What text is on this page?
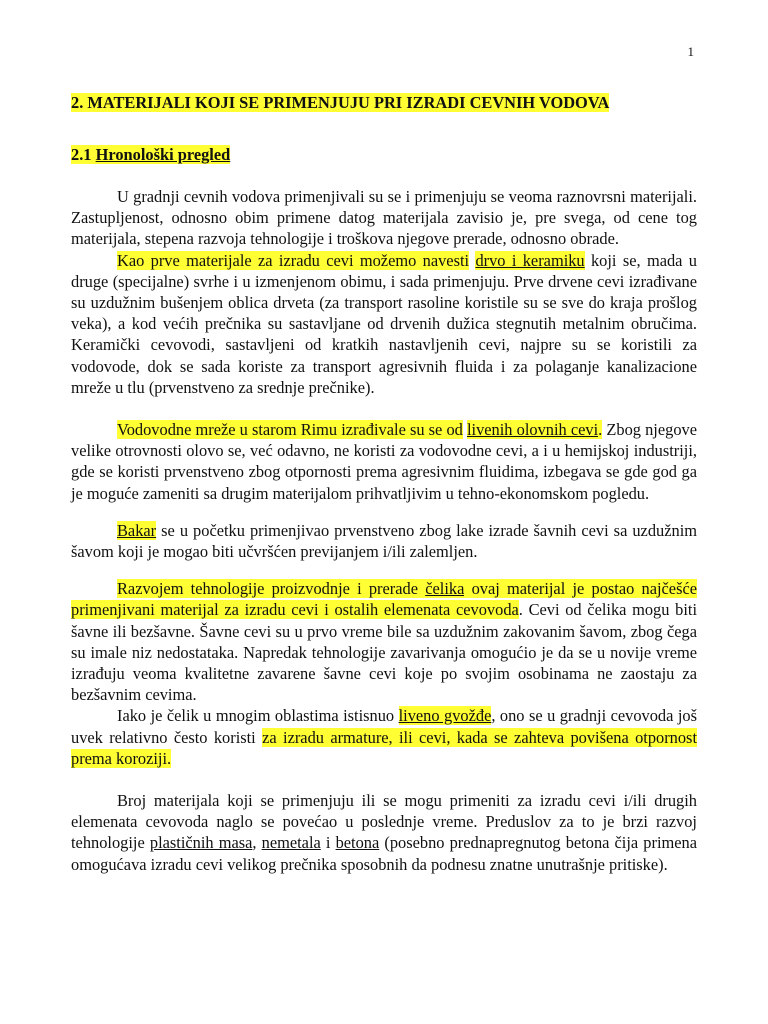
1
2. MATERIJALI KOJI SE PRIMENJUJU PRI IZRADI CEVNIH VODOVA
2.1 Hronološki pregled

U gradnji cevnih vodova primenjivali su se i primenjuju se veoma raznovrsni materijali. Zastupljenost, odnosno obim primene datog materijala zavisio je, pre svega, od cene tog materijala, stepena razvoja tehnologije i troškova njegove prerade, odnosno obrade.

Kao prve materijale za izradu cevi možemo navesti drvo i keramiku koji se, mada u druge (specijalne) svrhe i u izmenjenom obimu, i sada primenjuju. Prve drvene cevi izrađivane su uzdužnim bušenjem oblica drveta (za transport rasoline koristile su se sve do kraja prošlog veka), a kod većih prečnika su sastavljane od drvenih dužica stegnutih metalnim obručima. Keramički cevovodi, sastavljeni od kratkih nastavljenih cevi, najpre su se koristili za vodovode, dok se sada koriste za transport agresivnih fluida i za polaganje kanalizacione mreže u tlu (prvenstveno za srednje prečnike).

Vodovodne mreže u starom Rimu izrađivale su se od livenih olovnih cevi. Zbog njegove velike otrovnosti olovo se, već odavno, ne koristi za vodovodne cevi, a i u hemijskoj industriji, gde se koristi prvenstveno zbog otpornosti prema agresivnim fluidima, izbegava se gde god ga je moguće zameniti sa drugim materijalom prihvatljivim u tehno-ekonomskom pogledu.

Bakar se u početku primenjivao prvenstveno zbog lake izrade šavnih cevi sa uzdužnim šavom koji je mogao biti učvršćen previjanjem i/ili zalemljen.

Razvojem tehnologije proizvodnje i prerade čelika ovaj materijal je postao najčešće primenjivani materijal za izradu cevi i ostalih elemenata cevovoda. Cevi od čelika mogu biti šavne ili bezšavne. Šavne cevi su u prvo vreme bile sa uzdužnim zakovanim šavom, zbog čega su imale niz nedostataka. Napredak tehnologije zavarivanja omogućio je da se u novije vreme izrađuju veoma kvalitetne zavarene šavne cevi koje po svojim osobinama ne zaostaju za bezšavnim cevima.

Iako je čelik u mnogim oblastima istisnuo liveno gvožđe, ono se u gradnji cevovoda još uvek relativno često koristi za izradu armature, ili cevi, kada se zahteva povišena otpornost prema koroziji.

Broj materijala koji se primenjuju ili se mogu primeniti za izradu cevi i/ili drugih elemenata cevovoda naglo se povećao u poslednje vreme. Preduslov za to je brzi razvoj tehnologije plastičnih masa, nemetala i betona (posebno prednapregnutog betona čija primena omogućava izradu cevi velikog prečnika sposobnih da podnesu znatne unutrašnje pritiske).
